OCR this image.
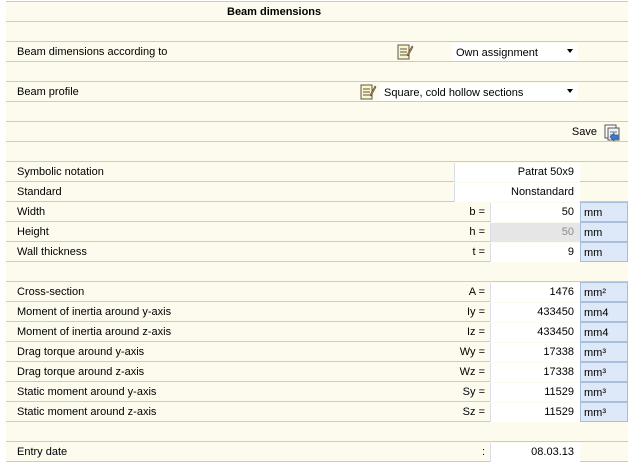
Beam dimensions
Beam dimensions according to	Own assignment
Beam profile	Square, cold hollow sections
Save
Symbolic notation	Patrat 50x9
Standard	Nonstandard
Width	b =	50 mm
Height	h =	50 mm
Wall thickness	t =	9 mm
Cross-section	A =	1476 mm²
Moment of inertia around y-axis	Iy =	433450 mm4
Moment of inertia around z-axis	Iz =	433450 mm4
Drag torque around y-axis	Wy =	17338 mm³
Drag torque around z-axis	Wz =	17338 mm³
Static moment around y-axis	Sy =	11529 mm³
Static moment around z-axis	Sz =	11529 mm³
Entry date	:	08.03.13
